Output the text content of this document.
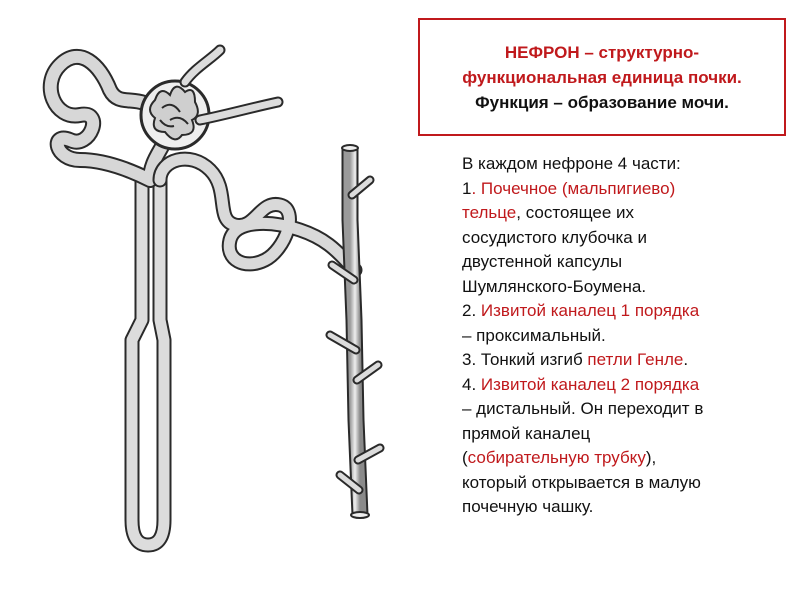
НЕФРОН – структурно-
функциональная единица почки.
Функция – образование мочи.
В каждом нефроне 4 части:
1. Почечное (мальпигиево)
тельце, состоящее их
сосудистого клубочка и
двустенной капсулы
Шумлянского-Боумена.
2. Извитой каналец 1 порядка
– проксимальный.
3. Тонкий изгиб петли Генле.
4. Извитой каналец 2 порядка
– дистальный. Он переходит в
прямой каналец
(собирательную трубку),
который открывается в малую
почечную чашку.
